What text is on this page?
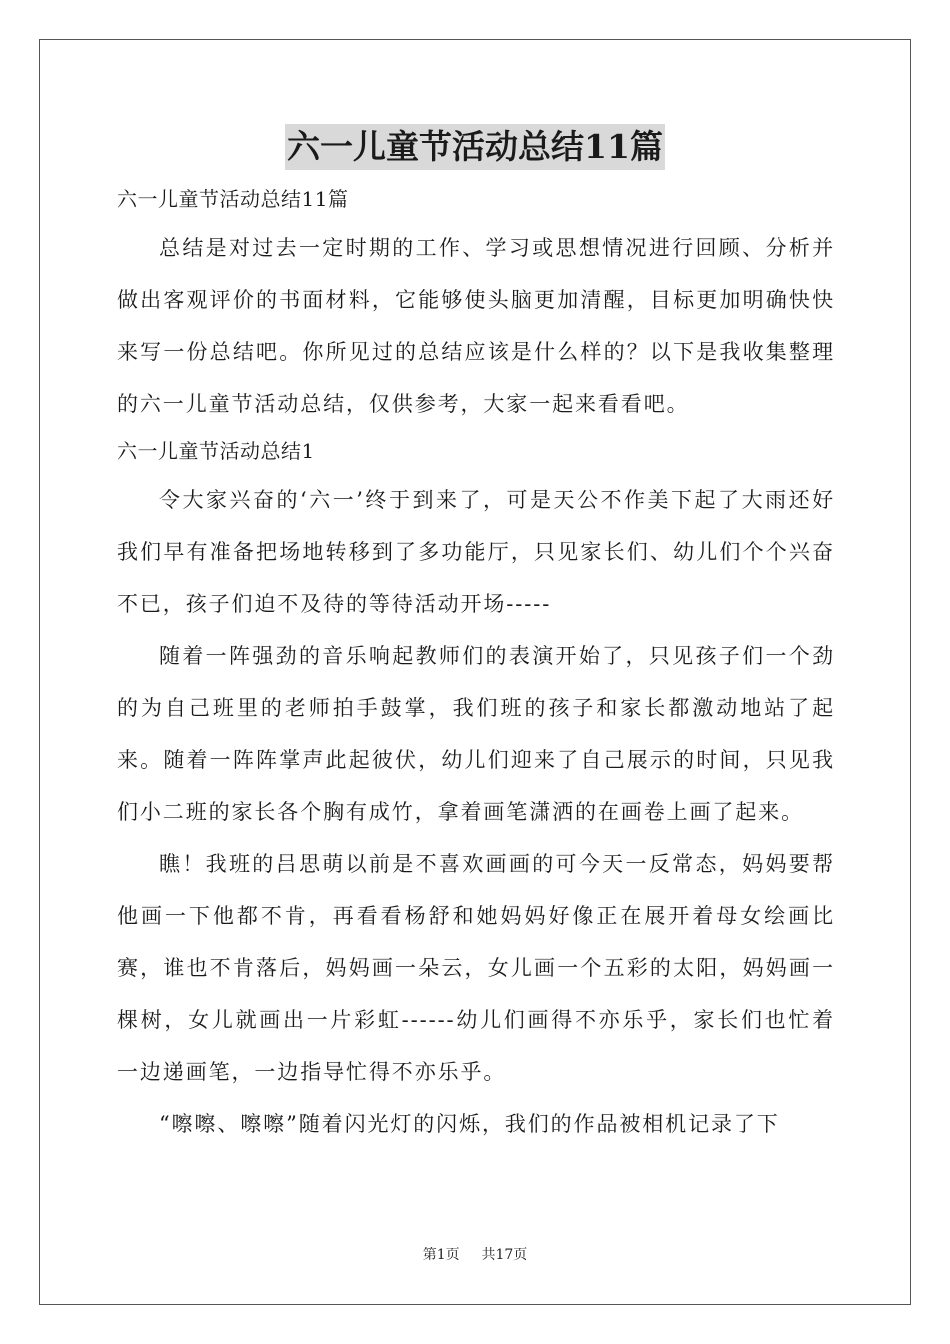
六一儿童节活动总结11篇
六一儿童节活动总结11篇

总结是对过去一定时期的工作、学习或思想情况进行回顾、分析并做出客观评价的书面材料，它能够使头脑更加清醒，目标更加明确快快来写一份总结吧。你所见过的总结应该是什么样的？以下是我收集整理的六一儿童节活动总结，仅供参考，大家一起来看看吧。

六一儿童节活动总结1

令大家兴奋的‘六一’终于到来了，可是天公不作美下起了大雨还好我们早有准备把场地转移到了多功能厅，只见家长们、幼儿们个个兴奋不已，孩子们迫不及待的等待活动开场-----

随着一阵强劲的音乐响起教师们的表演开始了，只见孩子们一个劲的为自己班里的老师拍手鼓掌，我们班的孩子和家长都激动地站了起来。随着一阵阵掌声此起彼伏，幼儿们迎来了自己展示的时间，只见我们小二班的家长各个胸有成竹，拿着画笔潇洒的在画卷上画了起来。

瞧！我班的吕思萌以前是不喜欢画画的可今天一反常态，妈妈要帮他画一下他都不肯，再看看杨舒和她妈妈好像正在展开着母女绘画比赛，谁也不肯落后，妈妈画一朵云，女儿画一个五彩的太阳，妈妈画一棵树，女儿就画出一片彩虹------幼儿们画得不亦乐乎，家长们也忙着一边递画笔，一边指导忙得不亦乐乎。

“嚓嚓、嚓嚓”随着闪光灯的闪烁，我们的作品被相机记录了下

第1页 共17页
